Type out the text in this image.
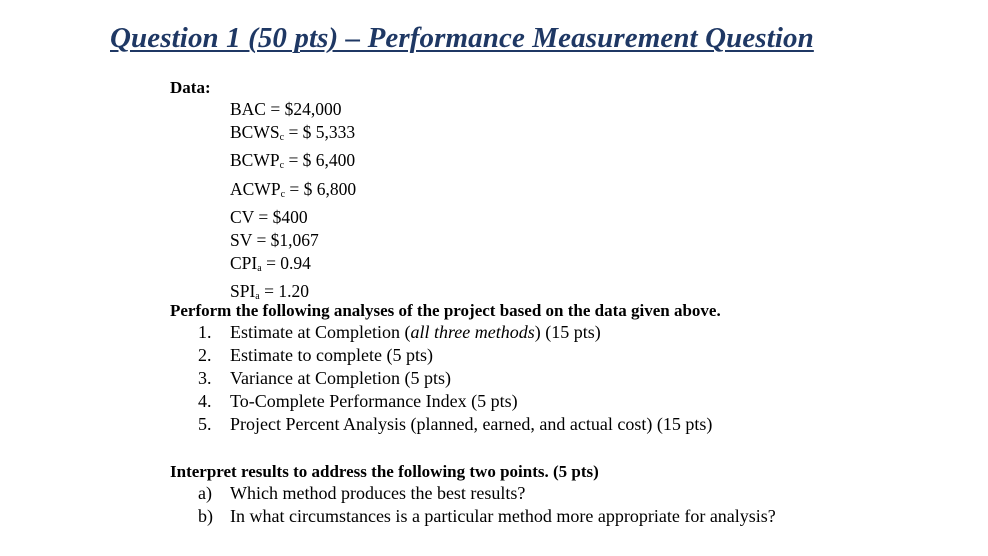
Question 1 (50 pts) – Performance Measurement Question
Data:
BAC = $24,000
$BCWS_c$ = $ 5,333
$BCWP_c$ = $ 6,400
$ACWP_c$ = $ 6,800
CV = $400
SV = $1,067
$CPI_a = 0.94$
$SPI_a = 1.20$

Perform the following analyses of the project based on the data given above.

1. Estimate at Completion (all three methods) (15 pts)
2. Estimate to complete (5 pts)
3. Variance at Completion (5 pts)
4. To-Complete Performance Index (5 pts)
5. Project Percent Analysis (planned, earned, and actual cost) (15 pts)

Interpret results to address the following two points. (5 pts)

a) Which method produces the best results?
b) In what circumstances is a particular method more appropriate for analysis?
